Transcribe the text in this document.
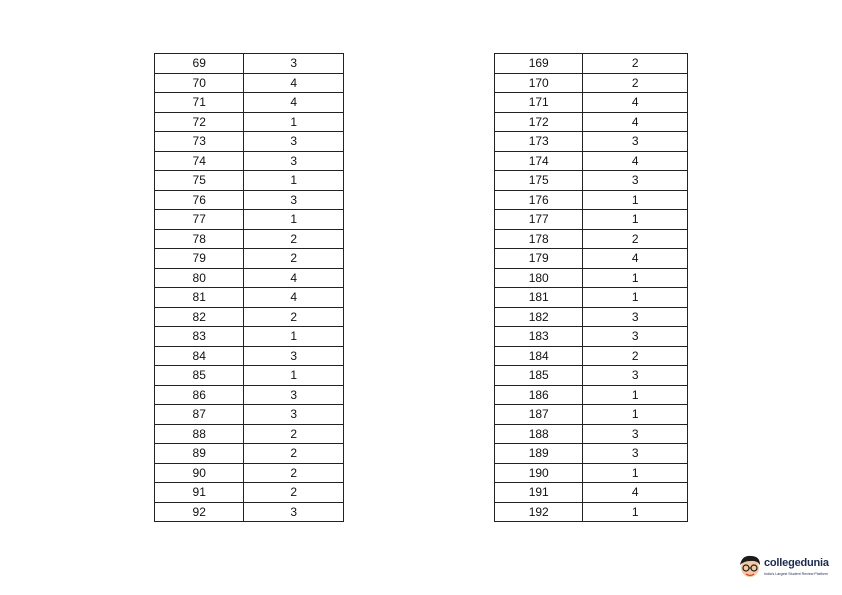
69	3
70	4
71	4
72	1
73	3
74	3
75	1
76	3
77	1
78	2
79	2
80	4
81	4
82	2
83	1
84	3
85	1
86	3
87	3
88	2
89	2
90	2
91	2
92	3
169	2
170	2
171	4
172	4
173	3
174	4
175	3
176	1
177	1
178	2
179	4
180	1
181	1
182	3
183	3
184	2
185	3
186	1
187	1
188	3
189	3
190	1
191	4
192	1
collegedunia
India's Largest Student Review Platform
